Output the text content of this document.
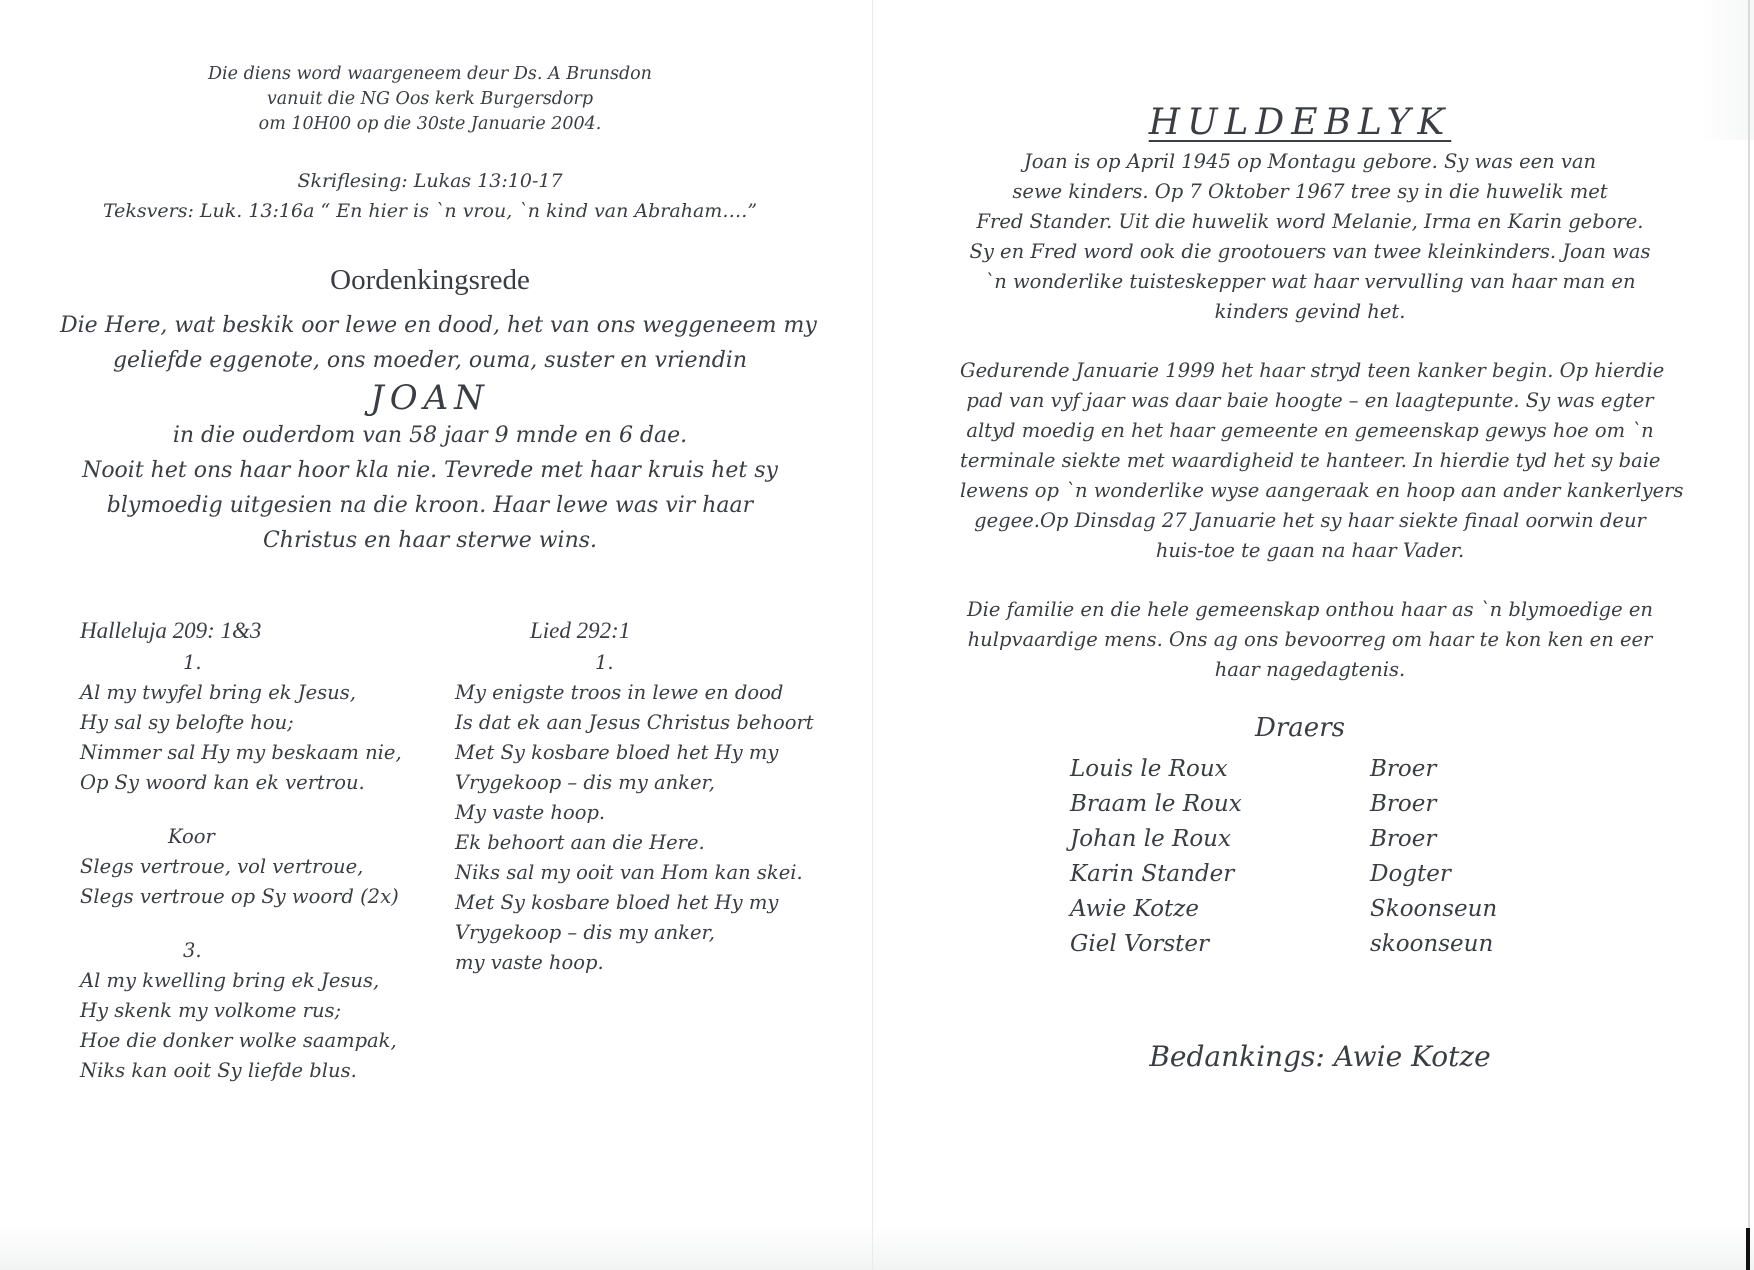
Die diens word waargeneem deur Ds. A Brunsdon
vanuit die NG Oos kerk Burgersdorp
om 10H00 op die 30ste Januarie 2004.
Skriflesing: Lukas 13:10-17
Teksvers: Luk. 13:16a “ En hier is `n vrou, `n kind van Abraham….”
Oordenkingsrede
Die Here, wat beskik oor lewe en dood, het van ons weggeneem my
geliefde eggenote, ons moeder, ouma, suster en vriendin
JOAN
in die ouderdom van 58 jaar 9 mnde en 6 dae.
Nooit het ons haar hoor kla nie. Tevrede met haar kruis het sy
blymoedig uitgesien na die kroon. Haar lewe was vir haar
Christus en haar sterwe wins.
Halleluja 209: 1&3
1.
Al my twyfel bring ek Jesus,
Hy sal sy belofte hou;
Nimmer sal Hy my beskaam nie,
Op Sy woord kan ek vertrou.
Koor
Slegs vertroue, vol vertroue,
Slegs vertroue op Sy woord (2x)
3.
Al my kwelling bring ek Jesus,
Hy skenk my volkome rus;
Hoe die donker wolke saampak,
Niks kan ooit Sy liefde blus.
Lied 292:1
1.
My enigste troos in lewe en dood
Is dat ek aan Jesus Christus behoort
Met Sy kosbare bloed het Hy my
Vrygekoop – dis my anker,
My vaste hoop.
Ek behoort aan die Here.
Niks sal my ooit van Hom kan skei.
Met Sy kosbare bloed het Hy my
Vrygekoop – dis my anker,
my vaste hoop.
HULDEBLYK
Joan is op April 1945 op Montagu gebore. Sy was een van
sewe kinders. Op 7 Oktober 1967 tree sy in die huwelik met
Fred Stander. Uit die huwelik word Melanie, Irma en Karin gebore.
Sy en Fred word ook die grootouers van twee kleinkinders. Joan was
`n wonderlike tuisteskepper wat haar vervulling van haar man en
kinders gevind het.
Gedurende Januarie 1999 het haar stryd teen kanker begin. Op hierdie
pad van vyf jaar was daar baie hoogte – en laagtepunte. Sy was egter
altyd moedig en het haar gemeente en gemeenskap gewys hoe om `n
terminale siekte met waardigheid te hanteer. In hierdie tyd het sy baie
lewens op `n wonderlike wyse aangeraak en hoop aan ander kankerlyers
gegee.Op Dinsdag 27 Januarie het sy haar siekte finaal oorwin deur
huis-toe te gaan na haar Vader.
Die familie en die hele gemeenskap onthou haar as `n blymoedige en
hulpvaardige mens. Ons ag ons bevoorreg om haar te kon ken en eer
haar nagedagtenis.
Draers
Louis le Roux	Broer
Braam le Roux	Broer
Johan le Roux	Broer
Karin Stander	Dogter
Awie Kotze	Skoonseun
Giel Vorster	skoonseun
Bedankings: Awie Kotze
